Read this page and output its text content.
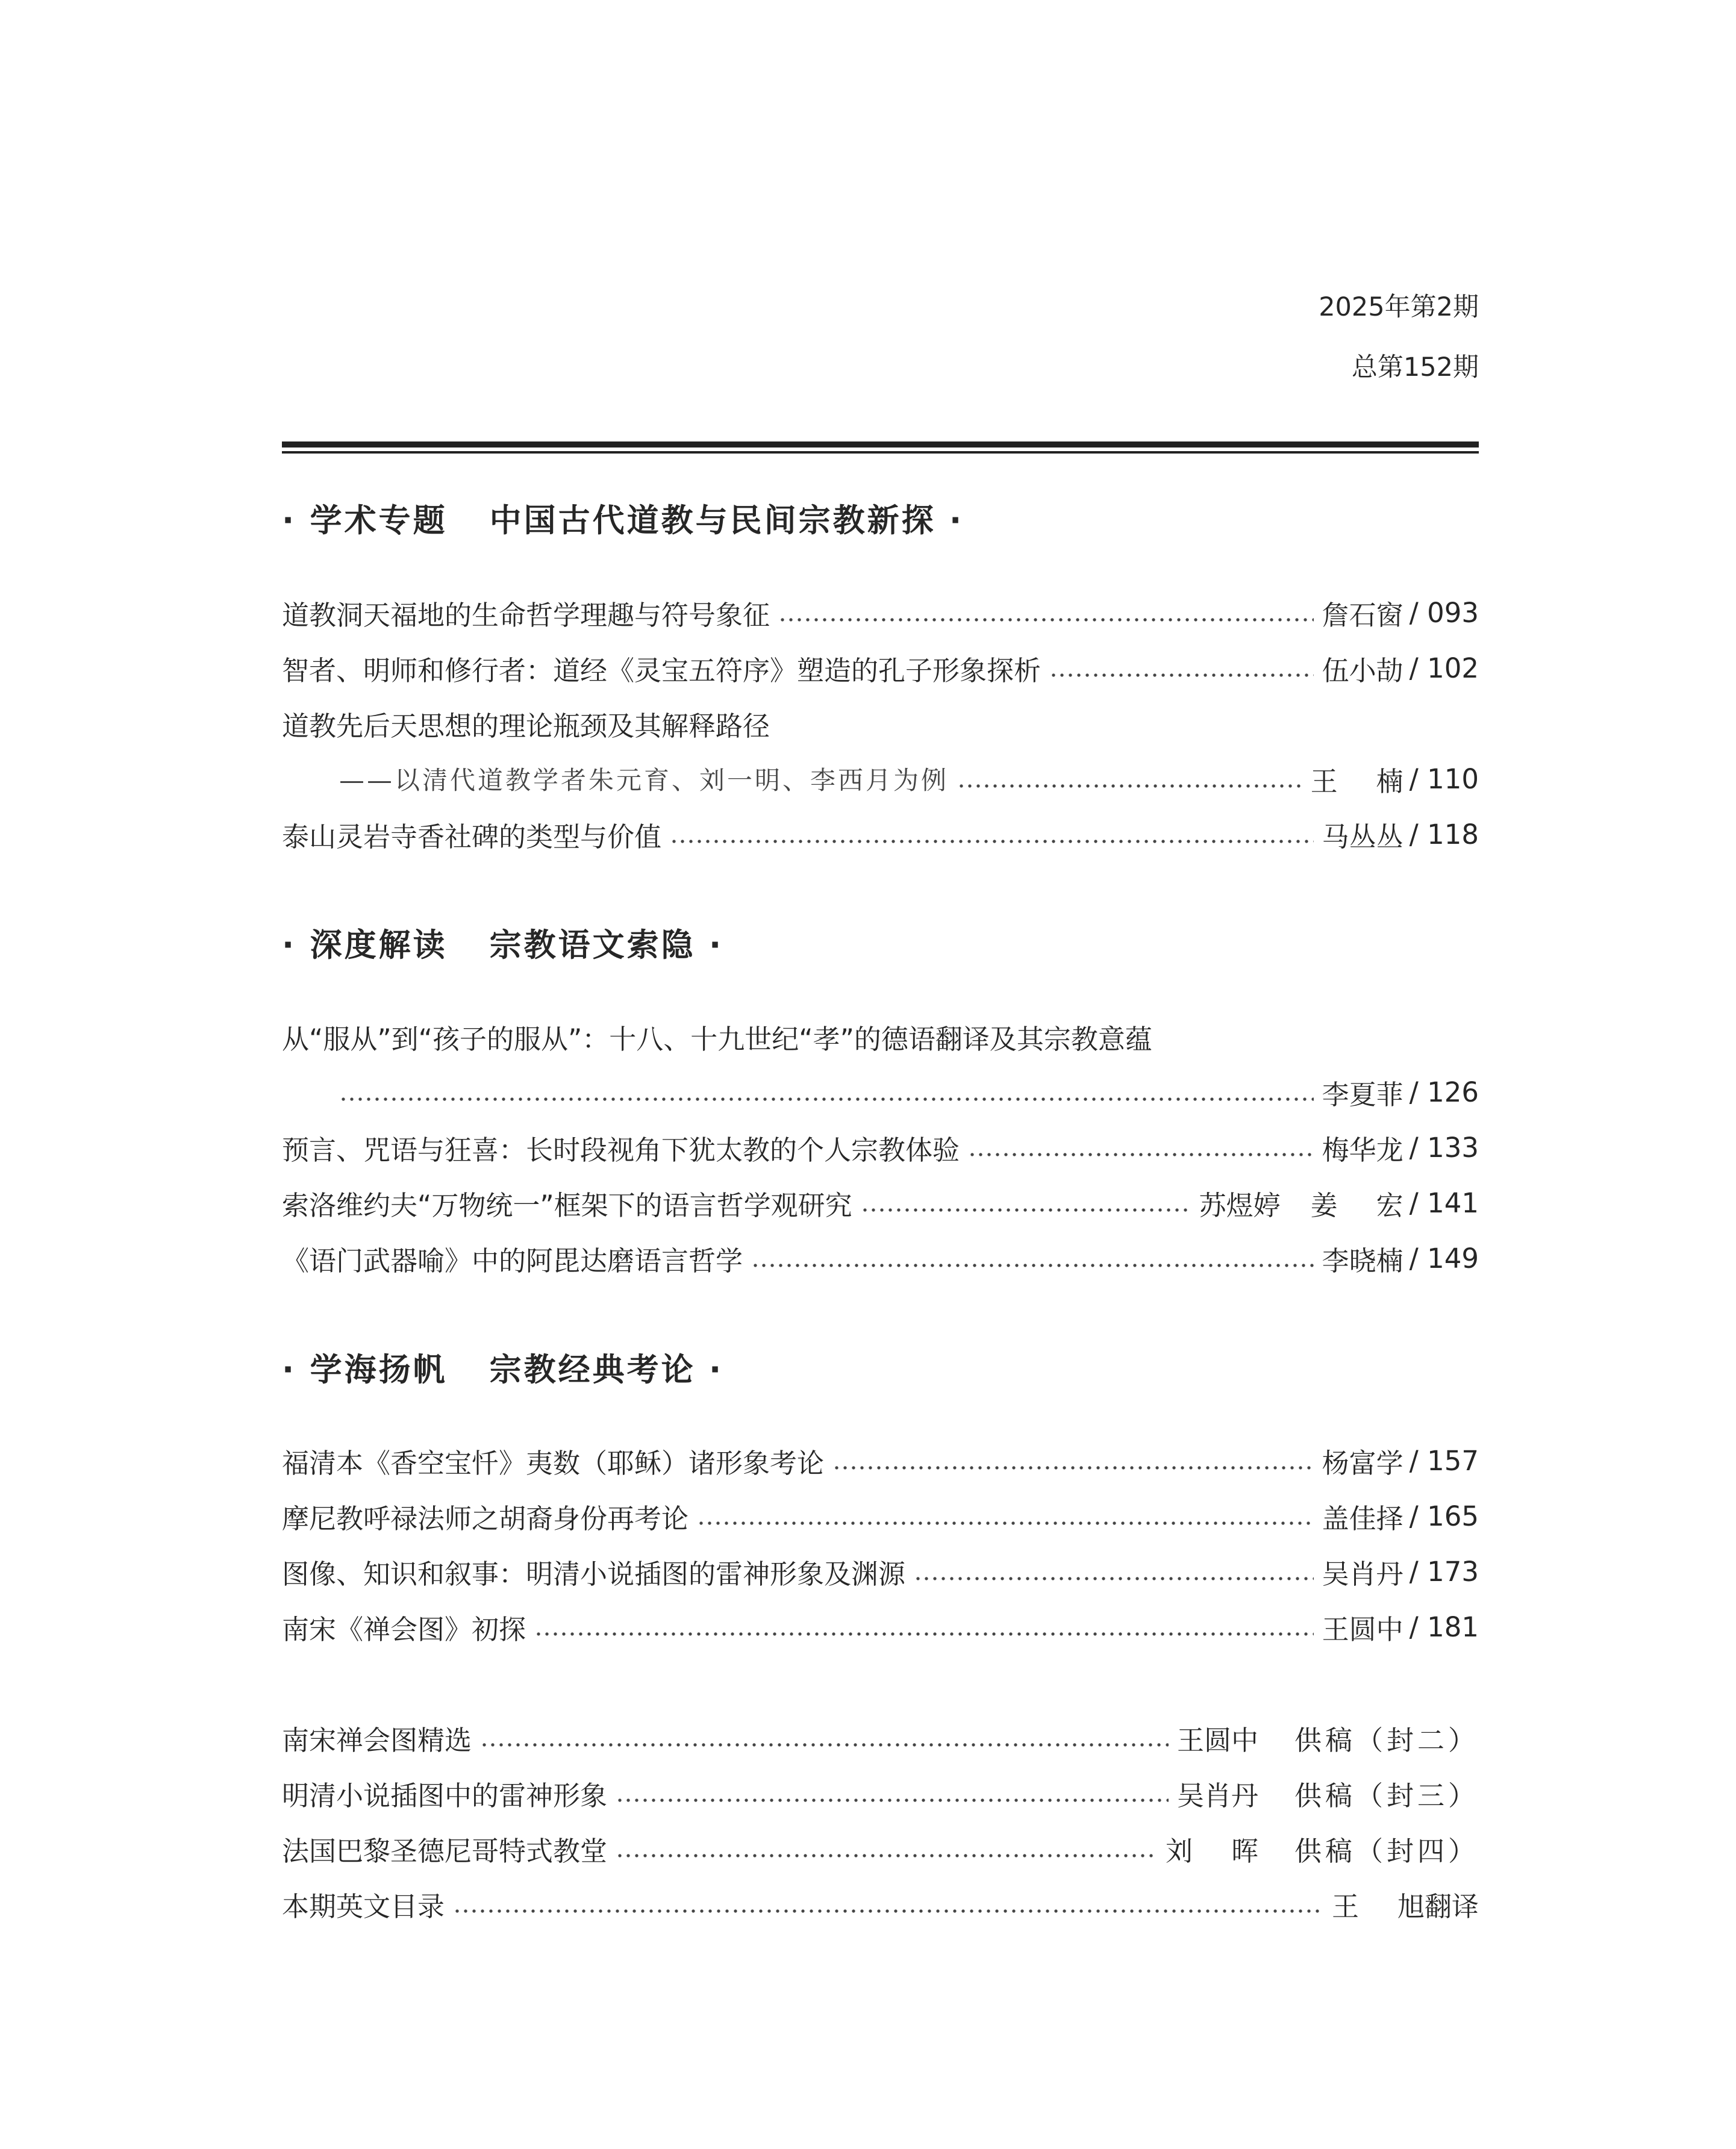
2025年第2期
总第152期
· 学术专题 中国古代道教与民间宗教新探 ·
道教洞天福地的生命哲学理趣与符号象征	詹石窗 / 093
智者、明师和修行者：道经《灵宝五符序》塑造的孔子形象探析	伍小劼 / 102
道教先后天思想的理论瓶颈及其解释路径
——以清代道教学者朱元育、刘一明、李西月为例	王 楠 / 110
泰山灵岩寺香社碑的类型与价值	马丛丛 / 118
· 深度解读 宗教语文索隐 ·
从“服从”到“孩子的服从”：十八、十九世纪“孝”的德语翻译及其宗教意蕴
李夏菲 / 126
预言、咒语与狂喜：长时段视角下犹太教的个人宗教体验	梅华龙 / 133
索洛维约夫“万物统一”框架下的语言哲学观研究	苏煜婷 姜 宏 / 141
《语门武器喻》中的阿毘达磨语言哲学	李晓楠 / 149
· 学海扬帆 宗教经典考论 ·
福清本《香空宝忏》夷数（耶稣）诸形象考论	杨富学 / 157
摩尼教呼禄法师之胡裔身份再考论	盖佳择 / 165
图像、知识和叙事：明清小说插图的雷神形象及渊源	吴肖丹 / 173
南宋《禅会图》初探	王圆中 / 181
南宋禅会图精选	王圆中 供稿（封二）
明清小说插图中的雷神形象	吴肖丹 供稿（封三）
法国巴黎圣德尼哥特式教堂	刘 晖 供稿（封四）
本期英文目录	王 旭翻译
